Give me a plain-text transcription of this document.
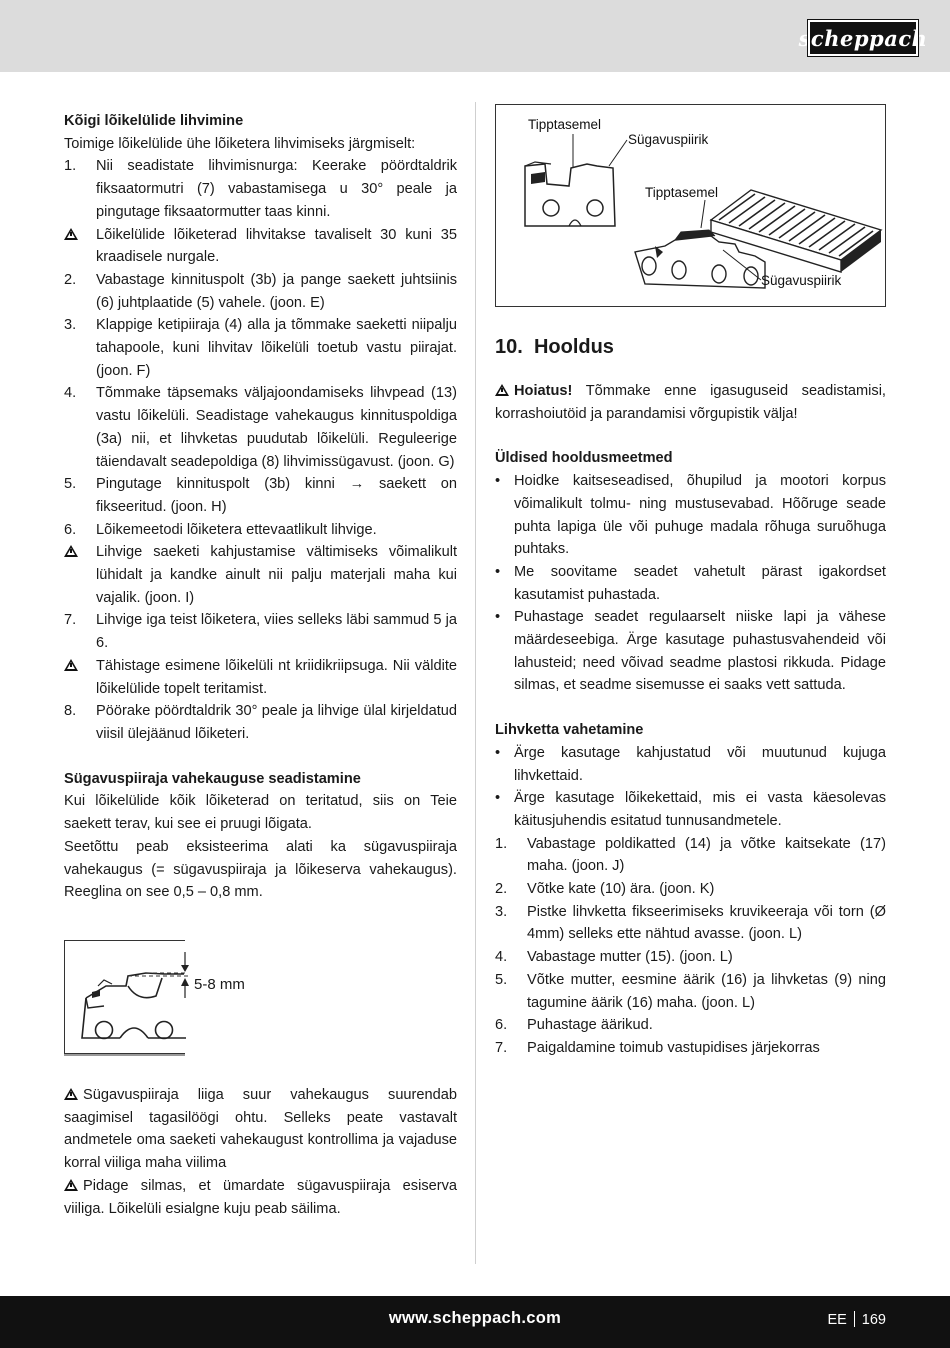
scheppach
Kõigi lõikelülide lihvimine
Toimige lõikelülide ühe lõiketera lihvimiseks järgmiselt:
1.	Nii seadistate lihvimisnurga: Keerake pöördtaldrik fiksaatormutri (7) vabastamisega u 30° peale ja pingutage fiksaatormutter taas kinni.
Lõikelülide lõiketerad lihvitakse tavaliselt 30 kuni 35 kraadisele nurgale.
2.	Vabastage kinnituspolt (3b) ja pange saekett juhtsiinis (6) juhtplaatide (5) vahele. (joon. E)
3.	Klappige ketipiiraja (4) alla ja tõmmake saeketti niipalju tahapoole, kuni lihvitav lõikelüli toetub vastu piirajat. (joon. F)
4.	Tõmmake täpsemaks väljajoondamiseks lihvpead (13) vastu lõikelüli. Seadistage vahekaugus kinnituspoldiga (3a) nii, et lihvketas puudutab lõikelüli. Reguleerige täiendavalt seadepoldiga (8) lihvimissügavust. (joon. G)
5.	Pingutage kinnituspolt (3b) kinni → saekett on fikseeritud. (joon. H)
6.	Lõikemeetodi lõiketera ettevaatlikult lihvige.
Lihvige saeketi kahjustamise vältimiseks võimalikult lühidalt ja kandke ainult nii palju materjali maha kui vajalik. (joon. I)
7.	Lihvige iga teist lõiketera, viies selleks läbi sammud 5 ja 6.
Tähistage esimene lõikelüli nt kriidikriipsuga. Nii väldite lõikelülide topelt teritamist.
8.	Pöörake pöördtaldrik 30° peale ja lihvige ülal kirjeldatud viisil ülejäänud lõiketeri.
Sügavuspiiraja vahekauguse seadistamine
Kui lõikelülide kõik lõiketerad on teritatud, siis on Teie saekett terav, kui see ei pruugi lõigata.
Seetõttu peab eksisteerima alati ka sügavuspiiraja vahekaugus (= sügavuspiiraja ja lõikeserva vahekaugus). Reeglina on see 0,5 – 0,8 mm.
5-8 mm
Sügavuspiiraja liiga suur vahekaugus suurendab saagimisel tagasilöögi ohtu. Selleks peate vastavalt andmetele oma saeketi vahekaugust kontrollima ja vajaduse korral viiliga maha viilima
Pidage silmas, et ümardate sügavuspiiraja esiserva viiliga. Lõikelüli esialgne kuju peab säilima.
Tipptasemel
Sügavuspiirik
Tipptasemel
Sügavuspiirik
10. Hooldus
Hoiatus! Tõmmake enne igasuguseid seadistamisi, korrashoiutöid ja parandamisi võrgupistik välja!
Üldised hooldusmeetmed
• Hoidke kaitseseadised, õhupilud ja mootori korpus võimalikult tolmu- ning mustusevabad. Hõõruge seade puhta lapiga üle või puhuge madala rõhuga suruõhuga puhtaks.
• Me soovitame seadet vahetult pärast igakordset kasutamist puhastada.
• Puhastage seadet regulaarselt niiske lapi ja vähese määrdeseebiga. Ärge kasutage puhastusvahendeid või lahusteid; need võivad seadme plastosi rikkuda. Pidage silmas, et seadme sisemusse ei saaks vett sattuda.
Lihvketta vahetamine
• Ärge kasutage kahjustatud või muutunud kujuga lihvkettaid.
• Ärge kasutage lõikekettaid, mis ei vasta käesolevas käitusjuhendis esitatud tunnusandmetele.
1.	Vabastage poldikatted (14) ja võtke kaitsekate (17) maha. (joon. J)
2.	Võtke kate (10) ära. (joon. K)
3.	Pistke lihvketta fikseerimiseks kruvikeeraja või torn (Ø 4mm) selleks ette nähtud avasse. (joon. L)
4.	Vabastage mutter (15). (joon. L)
5.	Võtke mutter, eesmine äärik (16) ja lihvketas (9) ning tagumine äärik (16) maha. (joon. L)
6.	Puhastage äärikud.
7.	Paigaldamine toimub vastupidises järjekorras
www.scheppach.com	EE 169
